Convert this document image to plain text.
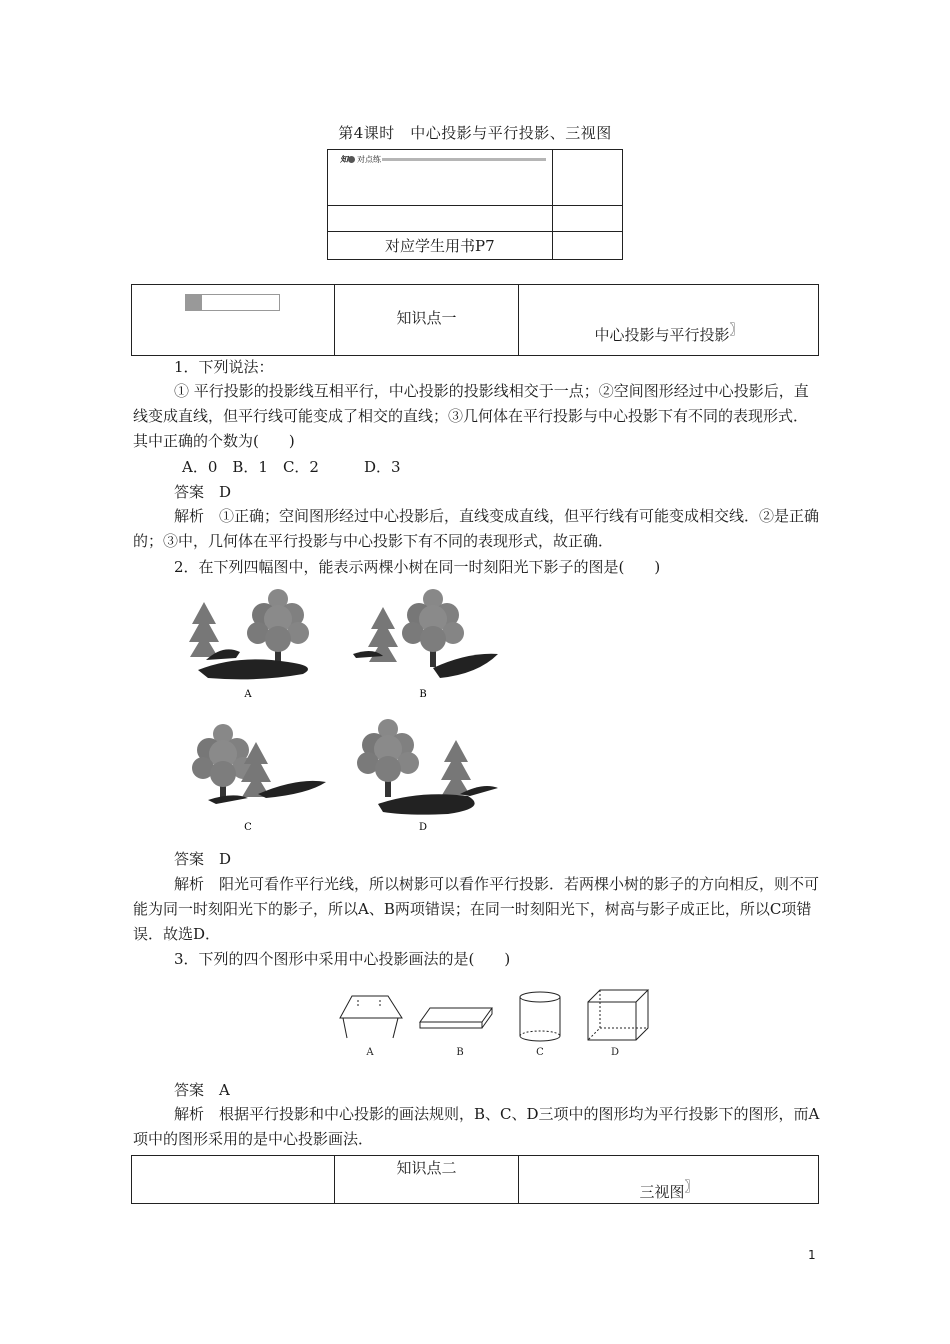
第4课时　中心投影与平行投影、三视图
知 对点练	

对应学生用书P7	
	知识点一	中心投影与平行投影〗
1．下列说法：
① 平行投影的投影线互相平行，中心投影的投影线相交于一点；②空间图形经过中心投影后，直线变成直线，但平行线可能变成了相交的直线；③几何体在平行投影与中心投影下有不同的表现形式．其中正确的个数为(　　)
A．0　B．1　C．2　　　D．3
答案　D
解析　①正确；空间图形经过中心投影后，直线变成直线，但平行线有可能变成相交线．②是正确的；③中，几何体在平行投影与中心投影下有不同的表现形式，故正确．
2．在下列四幅图中，能表示两棵小树在同一时刻阳光下影子的图是(　　)
A	B
C	D
答案　D
解析　阳光可看作平行光线，所以树影可以看作平行投影．若两棵小树的影子的方向相反，则不可能为同一时刻阳光下的影子，所以A、B两项错误；在同一时刻阳光下，树高与影子成正比，所以C项错误．故选D．
3．下列的四个图形中采用中心投影画法的是(　　)
A	B	C	D
答案　A
解析　根据平行投影和中心投影的画法规则，B、C、D三项中的图形均为平行投影下的图形，而A项中的图形采用的是中心投影画法．
	知识点二	三视图〗
1
